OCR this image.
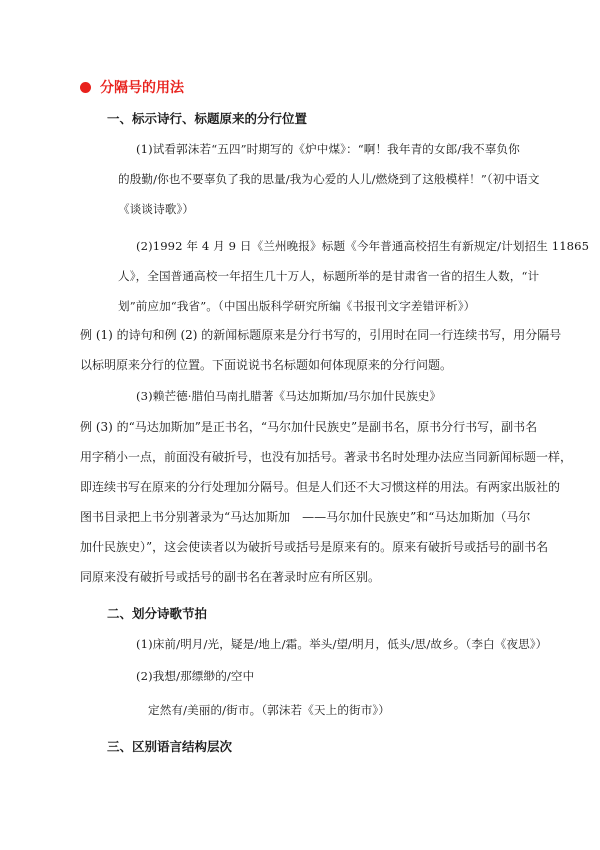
分隔号的用法
一、标示诗行、标题原来的分行位置
(1)试看郭沫若“五四”时期写的《炉中煤》：“啊！我年青的女郎/我不辜负你
的殷勤/你也不要辜负了我的思量/我为心爱的人儿/燃烧到了这般模样！”（初中语文
《谈谈诗歌》）
(2)1992 年 4 月 9 日《兰州晚报》标题《今年普通高校招生有新规定/计划招生 11865
人》，全国普通高校一年招生几十万人，标题所举的是甘肃省一省的招生人数，“计
划”前应加“我省”。（中国出版科学研究所编《书报刊文字差错评析》）
例 (1) 的诗句和例 (2) 的新闻标题原来是分行书写的，引用时在同一行连续书写，用分隔号
以标明原来分行的位置。下面说说书名标题如何体现原来的分行问题。
(3)赖芒德·腊伯马南扎腊著《马达加斯加/马尔加什民族史》
例 (3) 的“马达加斯加”是正书名，“马尔加什民族史”是副书名，原书分行书写，副书名
用字稍小一点，前面没有破折号，也没有加括号。著录书名时处理办法应当同新闻标题一样，
即连续书写在原来的分行处理加分隔号。但是人们还不大习惯这样的用法。有两家出版社的
图书目录把上书分别著录为“马达加斯加　——马尔加什民族史”和“马达加斯加（马尔
加什民族史）”，这会使读者以为破折号或括号是原来有的。原来有破折号或括号的副书名
同原来没有破折号或括号的副书名在著录时应有所区别。
二、划分诗歌节拍
(1)床前/明月/光，疑是/地上/霜。举头/望/明月，低头/思/故乡。（李白《夜思》）
(2)我想/那缥缈的/空中
定然有/美丽的/街市。（郭沫若《天上的街市》）
三、区别语言结构层次
